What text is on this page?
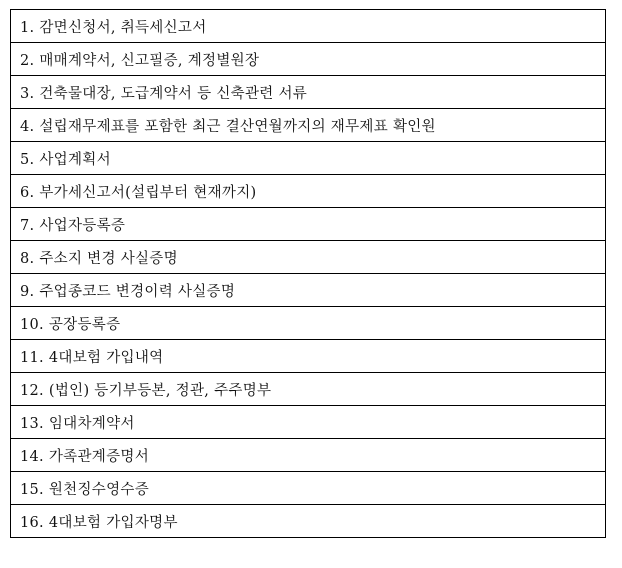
1. 감면신청서, 취득세신고서
2. 매매계약서, 신고필증, 계정별원장
3. 건축물대장, 도급계약서 등 신축관련 서류
4. 설립재무제표를 포함한 최근 결산연월까지의 재무제표 확인원
5. 사업계획서
6. 부가세신고서(설립부터 현재까지)
7. 사업자등록증
8. 주소지 변경 사실증명
9. 주업종코드 변경이력 사실증명
10. 공장등록증
11. 4대보험 가입내역
12. (법인) 등기부등본, 정관, 주주명부
13. 임대차계약서
14. 가족관계증명서
15. 원천징수영수증
16. 4대보험 가입자명부
